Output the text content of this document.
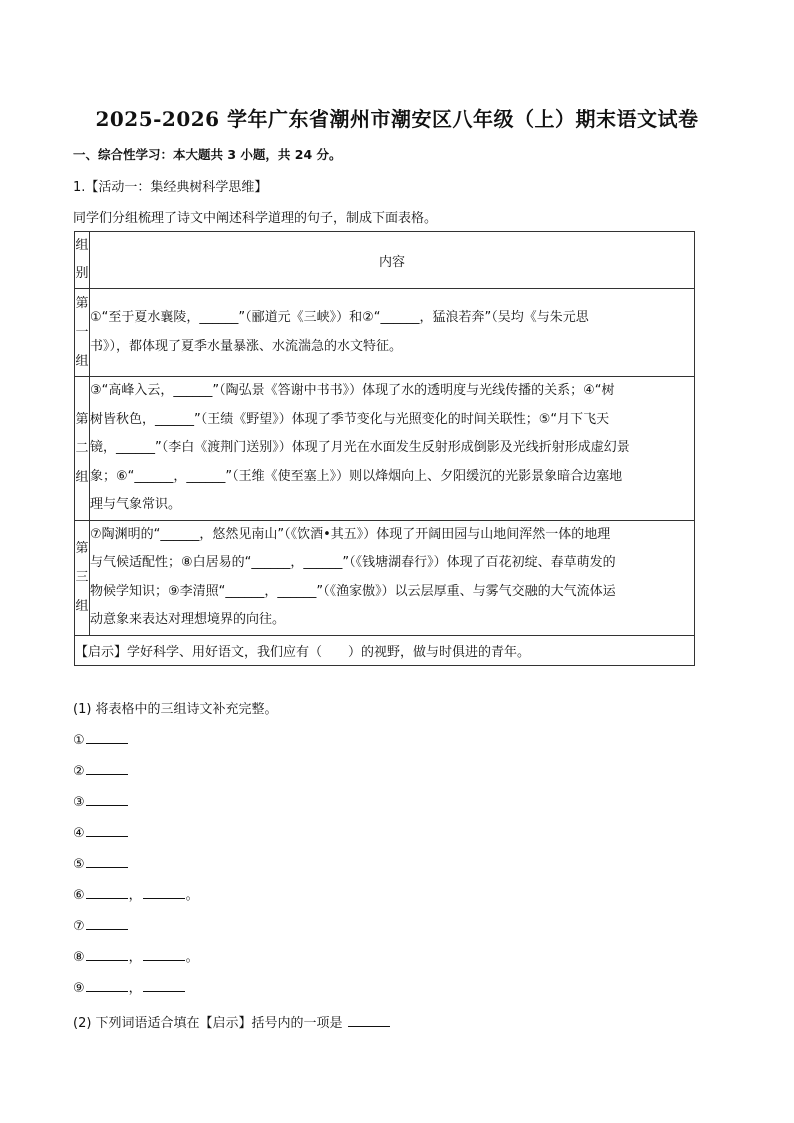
2025-2026 学年广东省潮州市潮安区八年级（上）期末语文试卷
一、综合性学习：本大题共 3 小题，共 24 分。
1.【活动一：集经典树科学思维】
同学们分组梳理了诗文中阐述科学道理的句子，制成下面表格。
组别	内容

第一组	①“至于夏水襄陵，______”（郦道元《三峡》）和②“______，猛浪若奔”（吴均《与朱元思
书》），都体现了夏季水量暴涨、水流湍急的水文特征。

第二组	③“高峰入云，______”（陶弘景《答谢中书书》）体现了水的透明度与光线传播的关系；④“树
树皆秋色，______”（王绩《野望》）体现了季节变化与光照变化的时间关联性；⑤“月下飞天
镜，______”（李白《渡荆门送别》）体现了月光在水面发生反射形成倒影及光线折射形成虚幻景
象；⑥“______，______”（王维《使至塞上》）则以烽烟向上、夕阳缓沉的光影景象暗合边塞地
理与气象常识。

第三组	⑦陶渊明的“______，悠然见南山”（《饮酒•其五》）体现了开阔田园与山地间浑然一体的地理
与气候适配性；⑧白居易的“______，______”（《钱塘湖春行》）体现了百花初绽、春草萌发的
物候学知识；⑨李清照“______，______”（《渔家傲》）以云层厚重、与雾气交融的大气流体运
动意象来表达对理想境界的向往。

【启示】学好科学、用好语文，我们应有（　　）的视野，做与时俱进的青年。	
(1) 将表格中的三组诗文补充完整。
①
②
③
④
⑤
⑥	，	。
⑦
⑧	，	。
⑨	，
(2) 下列词语适合填在【启示】括号内的一项是
